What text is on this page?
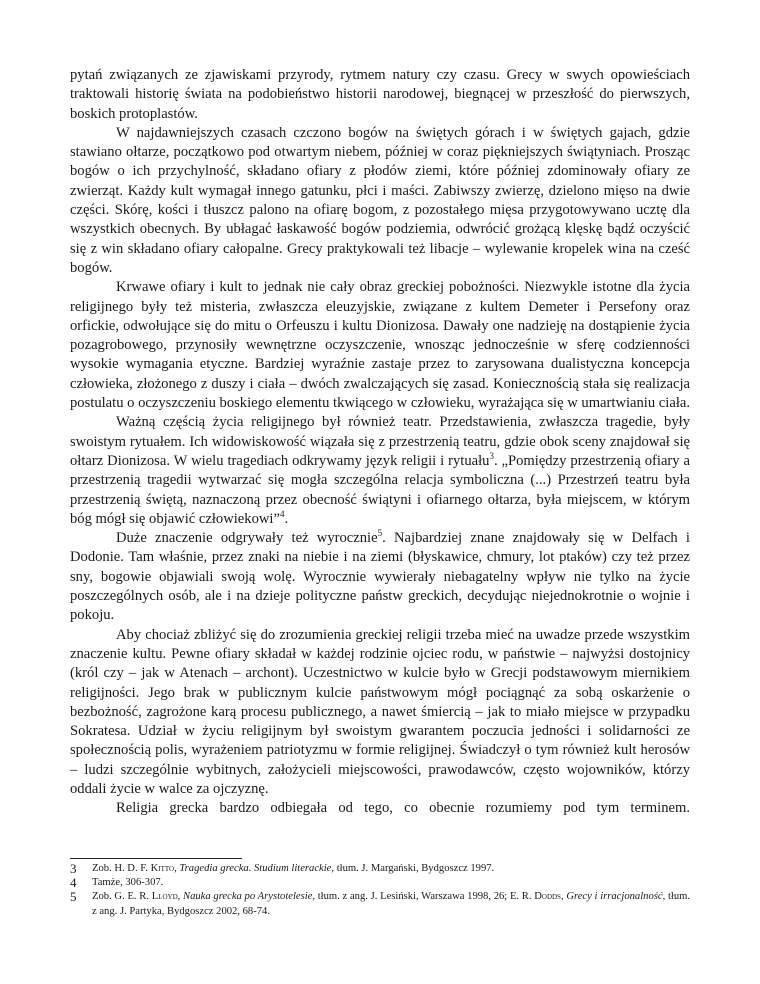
pytań związanych ze zjawiskami przyrody, rytmem natury czy czasu. Grecy w swych opowieściach traktowali historię świata na podobieństwo historii narodowej, biegnącej w przeszłość do pierwszych, boskich protoplastów.

W najdawniejszych czasach czczono bogów na świętych górach i w świętych gajach, gdzie stawiano ołtarze, początkowo pod otwartym niebem, później w coraz piękniejszych świątyniach. Prosząc bogów o ich przychylność, składano ofiary z płodów ziemi, które później zdominowały ofiary ze zwierząt. Każdy kult wymagał innego gatunku, płci i maści. Zabiwszy zwierzę, dzielono mięso na dwie części. Skórę, kości i tłuszcz palono na ofiarę bogom, z pozostałego mięsa przygotowywano ucztę dla wszystkich obecnych. By ubłagać łaskawość bogów podziemia, odwrócić grożącą klęskę bądź oczyścić się z win składano ofiary całopalne. Grecy praktykowali też libacje – wylewanie kropelek wina na cześć bogów.

Krwawe ofiary i kult to jednak nie cały obraz greckiej pobożności. Niezwykle istotne dla życia religijnego były też misteria, zwłaszcza eleuzyjskie, związane z kultem Demeter i Persefony oraz orfickie, odwołujące się do mitu o Orfeuszu i kultu Dionizosa. Dawały one nadzieję na dostąpienie życia pozagrobowego, przynosiły wewnętrzne oczyszczenie, wnosząc jednocześnie w sferę codzienności wysokie wymagania etyczne. Bardziej wyraźnie zastaje przez to zarysowana dualistyczna koncepcja człowieka, złożonego z duszy i ciała – dwóch zwalczających się zasad. Koniecznością stała się realizacja postulatu o oczyszczeniu boskiego elementu tkwiącego w człowieku, wyrażająca się w umartwianiu ciała.

Ważną częścią życia religijnego był również teatr. Przedstawienia, zwłaszcza tragedie, były swoistym rytuałem. Ich widowiskowość wiązała się z przestrzenią teatru, gdzie obok sceny znajdował się ołtarz Dionizosa. W wielu tragediach odkrywamy język religii i rytuału$^3$. „Pomiędzy przestrzenią ofiary a przestrzenią tragedii wytwarzać się mogła szczególna relacja symboliczna (...) Przestrzeń teatru była przestrzenią świętą, naznaczoną przez obecność świątyni i ofiarnego ołtarza, była miejscem, w którym bóg mógł się objawić człowiekowi”$^4$.

Duże znaczenie odgrywały też wyrocznie$^5$. Najbardziej znane znajdowały się w Delfach i Dodonie. Tam właśnie, przez znaki na niebie i na ziemi (błyskawice, chmury, lot ptaków) czy też przez sny, bogowie objawiali swoją wolę. Wyrocznie wywierały niebagatelny wpływ nie tylko na życie poszczególnych osób, ale i na dzieje polityczne państw greckich, decydując niejednokrotnie o wojnie i pokoju.

Aby chociaż zbliżyć się do zrozumienia greckiej religii trzeba mieć na uwadze przede wszystkim znaczenie kultu. Pewne ofiary składał w każdej rodzinie ojciec rodu, w państwie – najwyżsi dostojnicy (król czy – jak w Atenach – archont). Uczestnictwo w kulcie było w Grecji podstawowym miernikiem religijności. Jego brak w publicznym kulcie państwowym mógł pociągnąć za sobą oskarżenie o bezbożność, zagrożone karą procesu publicznego, a nawet śmiercią – jak to miało miejsce w przypadku Sokratesa. Udział w życiu religijnym był swoistym gwarantem poczucia jedności i solidarności ze społecznością polis, wyrażeniem patriotyzmu w formie religijnej. Świadczył o tym również kult herosów – ludzi szczególnie wybitnych, założycieli miejscowości, prawodawców, często wojowników, którzy oddali życie w walce za ojczyznę.

Religia grecka bardzo odbiegała od tego, co obecnie rozumiemy pod tym terminem.

3	Zob. H. D. F. Kitto, Tragedia grecka. Studium literackie, tłum. J. Margański, Bydgoszcz 1997.
4	Tamże, 306-307.
5	Zob. G. E. R. Lloyd, Nauka grecka po Arystotelesie, tłum. z ang. J. Lesiński, Warszawa 1998, 26; E. R. Dodds, Grecy i irracjonalność, tłum. z ang. J. Partyka, Bydgoszcz 2002, 68-74.
